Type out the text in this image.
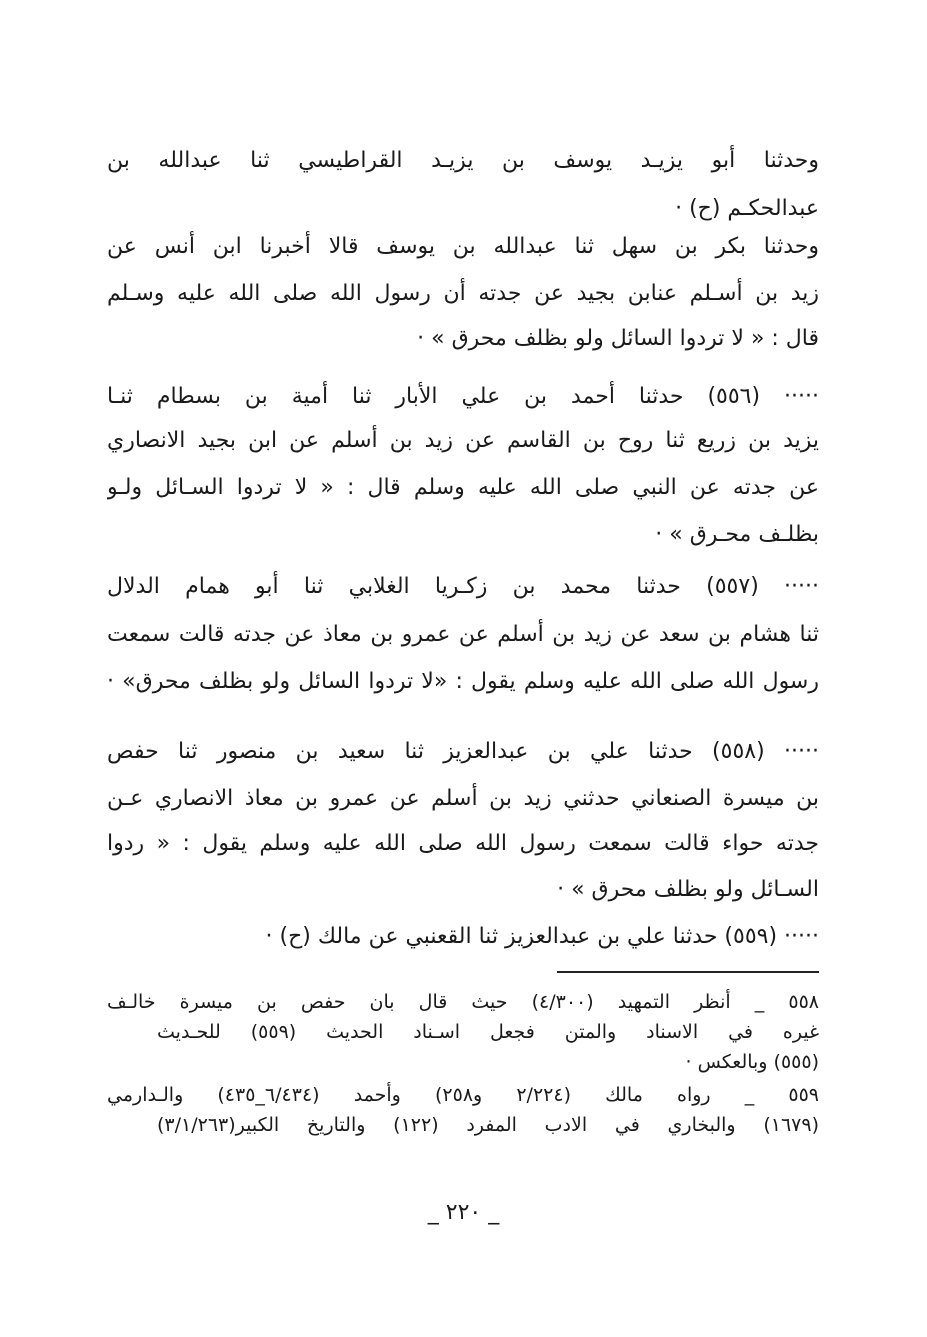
وحدثنا أبو يزيـد يوسف بن يزيـد القراطيسي ثنا عبدالله بن
عبدالحكـم (ح) ·
وحدثنا بكر بن سهل ثنا عبدالله بن يوسف قالا أخبرنا ابن أنس عن
زيد بن أسـلم عنابن بجيد عن جدته أن رسول الله صلى الله عليه وسـلم
قال : « لا تردوا السائل ولو بظلف محرق » ·
····· (٥٥٦) حدثنا أحمد بن علي الأبار ثنا أمية بن بسطام ثنـا
يزيد بن زريع ثنا روح بن القاسم عن زيد بن أسلم عن ابن بجيد الانصاري
عن جدته عن النبي صلى الله عليه وسلم قال : « لا تردوا السـائل ولـو
بظلـف محـرق » ·
····· (٥٥٧) حدثنا محمد بن زكـريا الغلابي ثنا أبو همام الدلال
ثنا هشام بن سعد عن زيد بن أسلم عن عمرو بن معاذ عن جدته قالت سمعت
رسول الله صلى الله عليه وسلم يقول : «لا تردوا السائل ولو بظلف محرق» ·
····· (٥٥٨) حدثنا علي بن عبدالعزيز ثنا سعيد بن منصور ثنا حفص
بن ميسرة الصنعاني حدثني زيد بن أسلم عن عمرو بن معاذ الانصاري عـن
جدته حواء قالت سمعت رسول الله صلى الله عليه وسلم يقول : « ردوا
السـائل ولو بظلف محرق » ·
····· (٥٥٩) حدثنا علي بن عبدالعزيز ثنا القعنبي عن مالك (ح) ·
٥٥٨ _ أنظر التمهيد (٤/٣٠٠) حيث قال بان حفص بن ميسرة خالـف
غيره في الاسناد والمتن فجعل اسـناد الحديث (٥٥٩) للحـديث
(٥٥٥) وبالعكس ·
٥٥٩ _ رواه مالك (٢/٢٢٤ و٢٥٨) وأحمد (٦/٤٣٤_٤٣٥) والـدارمي
(١٦٧٩) والبخاري في الادب المفرد (١٢٢) والتاريخ الكبير(٣/١/٢٦٣)
_ ٢٢٠ _
